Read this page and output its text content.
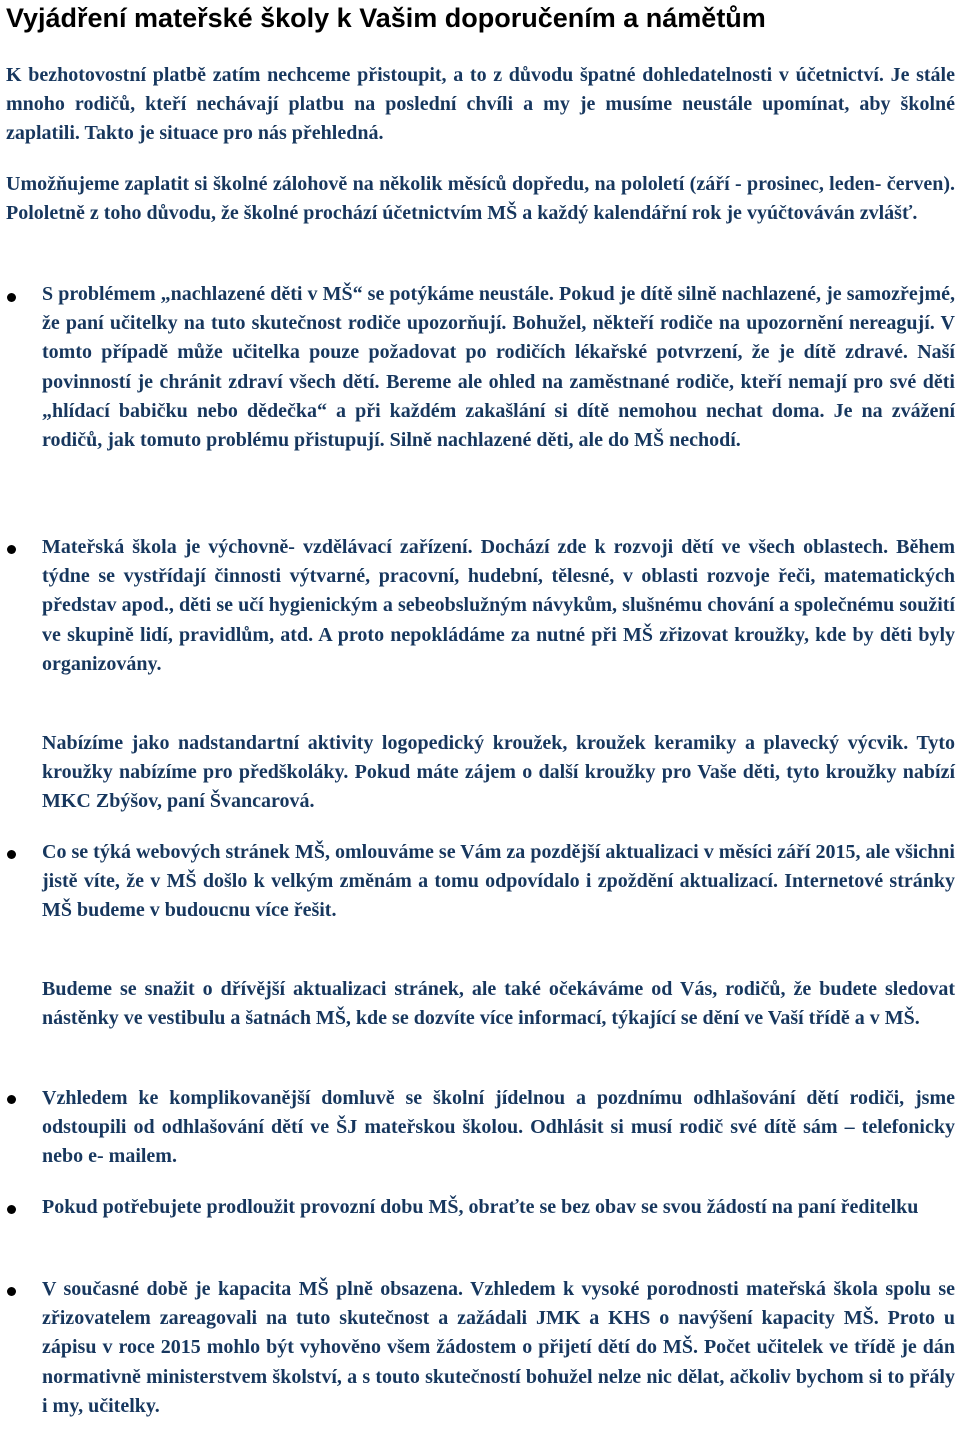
Vyjádření mateřské školy k Vašim doporučením a námětům

K bezhotovostní platbě zatím nechceme přistoupit, a to z důvodu špatné dohledatelnosti v účetnictví. Je stále mnoho rodičů, kteří nechávají platbu na poslední chvíli a my je musíme neustále upomínat, aby školné zaplatili. Takto je situace pro nás přehledná.

Umožňujeme zaplatit si školné zálohově na několik měsíců dopředu, na pololetí (září - prosinec, leden- červen). Pololetně z toho důvodu, že školné prochází účetnictvím MŠ a každý kalendářní rok je vyúčtováván zvlášť.

S problémem „nachlazené děti v MŠ“ se potýkáme neustále. Pokud je dítě silně nachlazené, je samozřejmé, že paní učitelky na tuto skutečnost rodiče upozorňují. Bohužel, někteří rodiče na upozornění nereagují. V tomto případě může učitelka pouze požadovat po rodičích lékařské potvrzení, že je dítě zdravé. Naší povinností je chránit zdraví všech dětí. Bereme ale ohled na zaměstnané rodiče, kteří nemají pro své děti „hlídací babičku nebo dědečka“ a při každém zakašlání si dítě nemohou nechat doma. Je na zvážení rodičů, jak tomuto problému přistupují. Silně nachlazené děti, ale do MŠ nechodí.

Mateřská škola je výchovně- vzdělávací zařízení. Dochází zde k rozvoji dětí ve všech oblastech. Během týdne se vystřídají činnosti výtvarné, pracovní, hudební, tělesné, v oblasti rozvoje řeči, matematických představ apod., děti se učí hygienickým a sebeobslužným návykům, slušnému chování a společnému soužití ve skupině lidí, pravidlům, atd. A proto nepokládáme za nutné při MŠ zřizovat kroužky, kde by děti byly organizovány.

Nabízíme jako nadstandartní aktivity logopedický kroužek, kroužek keramiky a plavecký výcvik. Tyto kroužky nabízíme pro předškoláky. Pokud máte zájem o další kroužky pro Vaše děti, tyto kroužky nabízí MKC Zbýšov, paní Švancarová.

Co se týká webových stránek MŠ, omlouváme se Vám za pozdější aktualizaci v měsíci září 2015, ale všichni jistě víte, že v MŠ došlo k velkým změnám a tomu odpovídalo i zpoždění aktualizací. Internetové stránky MŠ budeme v budoucnu více řešit.

Budeme se snažit o dřívější aktualizaci stránek, ale také očekáváme od Vás, rodičů, že budete sledovat nástěnky ve vestibulu a šatnách MŠ, kde se dozvíte více informací, týkající se dění ve Vaší třídě a v MŠ.

Vzhledem ke komplikovanější domluvě se školní jídelnou a pozdnímu odhlašování dětí rodiči, jsme odstoupili od odhlašování dětí ve ŠJ mateřskou školou. Odhlásit si musí rodič své dítě sám – telefonicky nebo e- mailem.

Pokud potřebujete prodloužit provozní dobu MŠ, obraťte se bez obav se svou žádostí na paní ředitelku

V současné době je kapacita MŠ plně obsazena. Vzhledem k vysoké porodnosti mateřská škola spolu se zřizovatelem zareagovali na tuto skutečnost a zažádali JMK a KHS o navýšení kapacity MŠ. Proto u zápisu v roce 2015 mohlo být vyhověno všem žádostem o přijetí dětí do MŠ. Počet učitelek ve třídě je dán normativně ministerstvem školství, a s touto skutečností bohužel nelze nic dělat, ačkoliv bychom si to přály i my, učitelky.
